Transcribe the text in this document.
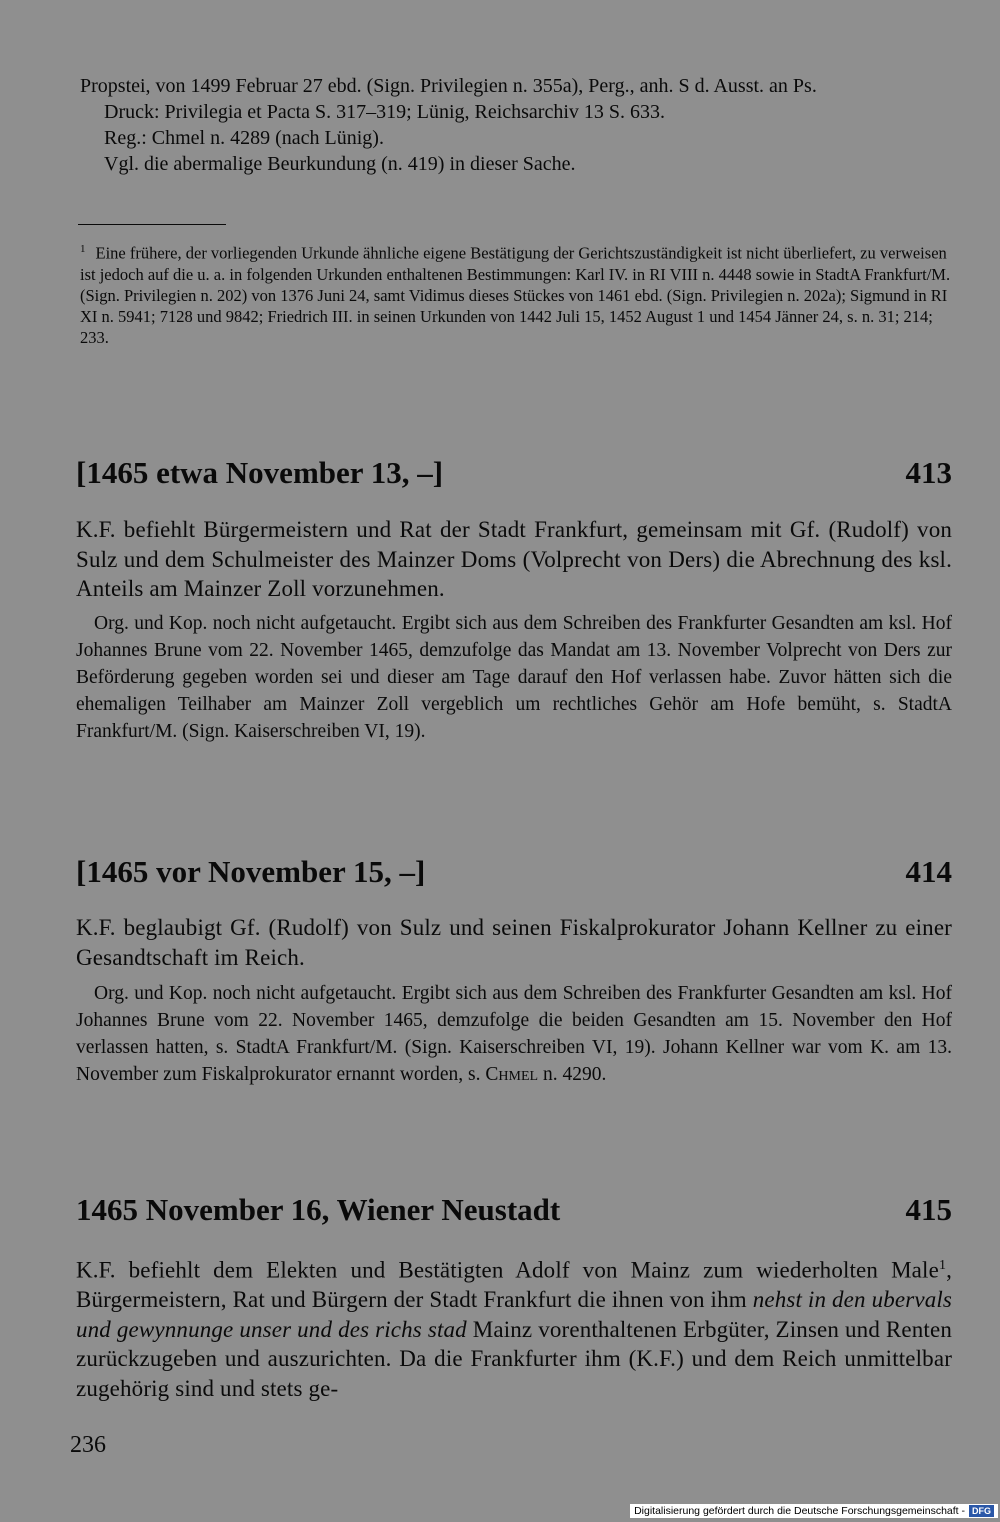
Propstei, von 1499 Februar 27 ebd. (Sign. Privilegien n. 355a), Perg., anh. S d. Ausst. an Ps.
Druck: Privilegia et Pacta S. 317–319; Lünig, Reichsarchiv 13 S. 633.
Reg.: Chmel n. 4289 (nach Lünig).
Vgl. die abermalige Beurkundung (n. 419) in dieser Sache.
$^1$ Eine frühere, der vorliegenden Urkunde ähnliche eigene Bestätigung der Gerichtszuständigkeit ist nicht überliefert, zu verweisen ist jedoch auf die u. a. in folgenden Urkunden enthaltenen Bestimmungen: Karl IV. in RI VIII n. 4448 sowie in StadtA Frankfurt/M. (Sign. Privilegien n. 202) von 1376 Juni 24, samt Vidimus dieses Stückes von 1461 ebd. (Sign. Privilegien n. 202a); Sigmund in RI XI n. 5941; 7128 und 9842; Friedrich III. in seinen Urkunden von 1442 Juli 15, 1452 August 1 und 1454 Jänner 24, s. n. 31; 214; 233.
[1465 etwa November 13, –]	413
K.F. befiehlt Bürgermeistern und Rat der Stadt Frankfurt, gemeinsam mit Gf. (Rudolf) von Sulz und dem Schulmeister des Mainzer Doms (Volprecht von Ders) die Abrechnung des ksl. Anteils am Mainzer Zoll vorzunehmen.
Org. und Kop. noch nicht aufgetaucht. Ergibt sich aus dem Schreiben des Frankfurter Gesandten am ksl. Hof Johannes Brune vom 22. November 1465, demzufolge das Mandat am 13. November Volprecht von Ders zur Beförderung gegeben worden sei und dieser am Tage darauf den Hof verlassen habe. Zuvor hätten sich die ehemaligen Teilhaber am Mainzer Zoll vergeblich um rechtliches Gehör am Hofe bemüht, s. StadtA Frankfurt/M. (Sign. Kaiserschreiben VI, 19).
[1465 vor November 15, –]	414
K.F. beglaubigt Gf. (Rudolf) von Sulz und seinen Fiskalprokurator Johann Kellner zu einer Gesandtschaft im Reich.
Org. und Kop. noch nicht aufgetaucht. Ergibt sich aus dem Schreiben des Frankfurter Gesandten am ksl. Hof Johannes Brune vom 22. November 1465, demzufolge die beiden Gesandten am 15. November den Hof verlassen hatten, s. StadtA Frankfurt/M. (Sign. Kaiserschreiben VI, 19). Johann Kellner war vom K. am 13. November zum Fiskalprokurator ernannt worden, s. Chmel n. 4290.
1465 November 16, Wiener Neustadt	415
K.F. befiehlt dem Elekten und Bestätigten Adolf von Mainz zum wiederholten Male$^1$, Bürgermeistern, Rat und Bürgern der Stadt Frankfurt die ihnen von ihm nehst in den ubervals und gewynnunge unser und des richs stad Mainz vorenthaltenen Erbgüter, Zinsen und Renten zurückzugeben und auszurichten. Da die Frankfurter ihm (K.F.) und dem Reich unmittelbar zugehörig sind und stets ge-
236
Digitalisierung gefördert durch die Deutsche Forschungsgemeinschaft - DFG
